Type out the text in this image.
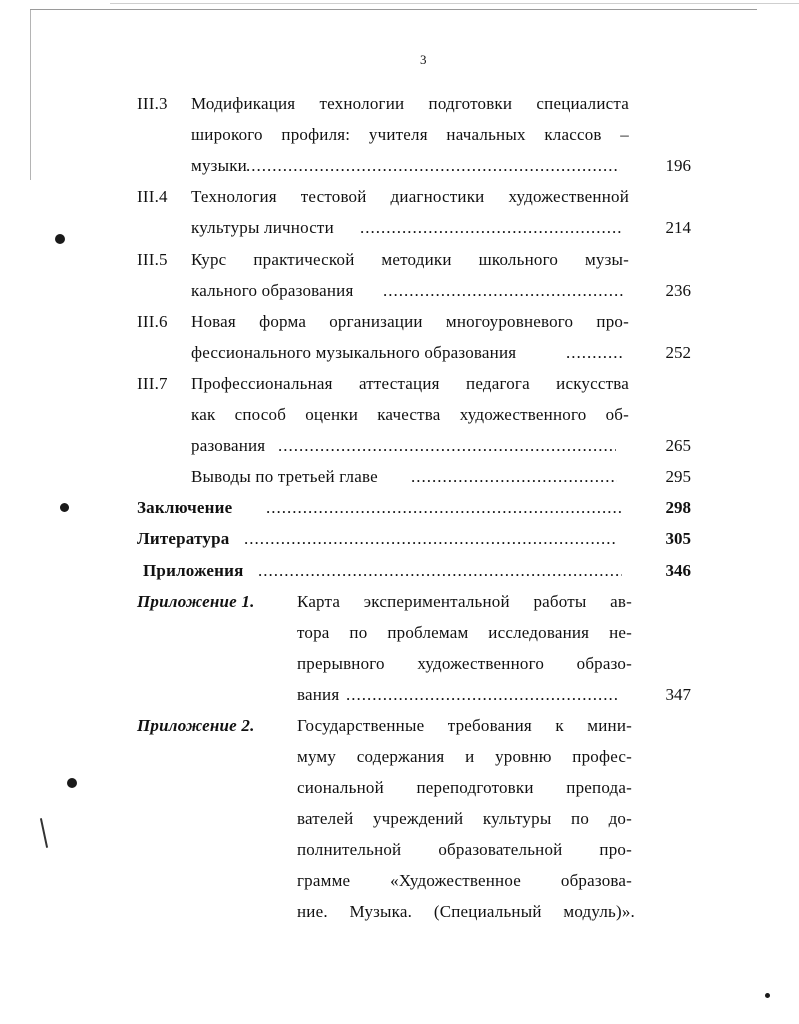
3
III.3 Модификация технологии подготовки специалиста
широкого профиля: учителя начальных классов –
музыки .....	196
III.4 Технология тестовой диагностики художественной
культуры личности .....	214
III.5 Курс практической методики школьного музы-
кального образования .....	236
III.6 Новая форма организации многоуровневого про-
фессионального музыкального образования .....	252
III.7 Профессиональная аттестация педагога искусства
как способ оценки качества художественного об-
разования .....	265
Выводы по третьей главе .....	295
Заключение .....	298
Литература .....	305
Приложения .....	346
Приложение 1. Карта экспериментальной работы ав-
тора по проблемам исследования не-
прерывного художественного образо-
вания .....	347
Приложение 2. Государственные требования к мини-
муму содержания и уровню профес-
сиональной переподготовки препода-
вателей учреждений культуры по до-
полнительной образовательной про-
грамме «Художественное образова-
ние. Музыка. (Специальный модуль)».
